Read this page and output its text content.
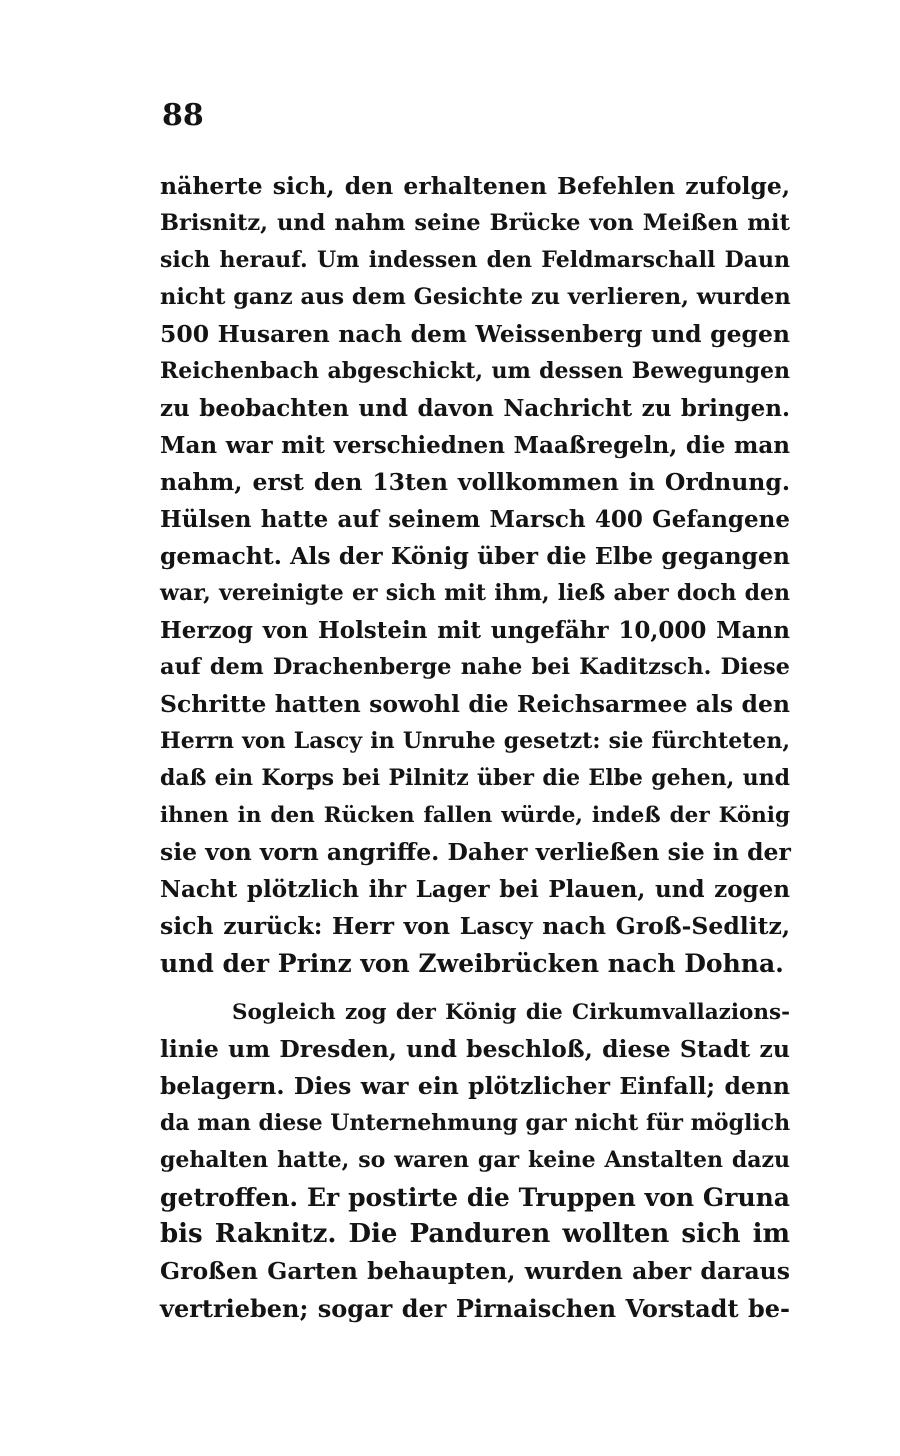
88
näherte sich, den erhaltenen Befehlen zufolge,
Brisnitz, und nahm seine Brücke von Meißen mit
sich herauf. Um indessen den Feldmarschall Daun
nicht ganz aus dem Gesichte zu verlieren, wurden
500 Husaren nach dem Weissenberg und gegen
Reichenbach abgeschickt, um dessen Bewegungen
zu beobachten und davon Nachricht zu bringen.
Man war mit verschiednen Maaßregeln, die man
nahm, erst den 13ten vollkommen in Ordnung.
Hülsen hatte auf seinem Marsch 400 Gefangene
gemacht. Als der König über die Elbe gegangen
war, vereinigte er sich mit ihm, ließ aber doch den
Herzog von Holstein mit ungefähr 10,000 Mann
auf dem Drachenberge nahe bei Kaditzsch. Diese
Schritte hatten sowohl die Reichsarmee als den
Herrn von Lascy in Unruhe gesetzt: sie fürchteten,
daß ein Korps bei Pilnitz über die Elbe gehen, und
ihnen in den Rücken fallen würde, indeß der König
sie von vorn angriffe. Daher verließen sie in der
Nacht plötzlich ihr Lager bei Plauen, und zogen
sich zurück: Herr von Lascy nach Groß-Sedlitz,
und der Prinz von Zweibrücken nach Dohna.
Sogleich zog der König die Cirkumvallazions-
linie um Dresden, und beschloß, diese Stadt zu
belagern. Dies war ein plötzlicher Einfall; denn
da man diese Unternehmung gar nicht für möglich
gehalten hatte, so waren gar keine Anstalten dazu
getroffen. Er postirte die Truppen von Gruna
bis Raknitz. Die Panduren wollten sich im
Großen Garten behaupten, wurden aber daraus
vertrieben; sogar der Pirnaischen Vorstadt be-
